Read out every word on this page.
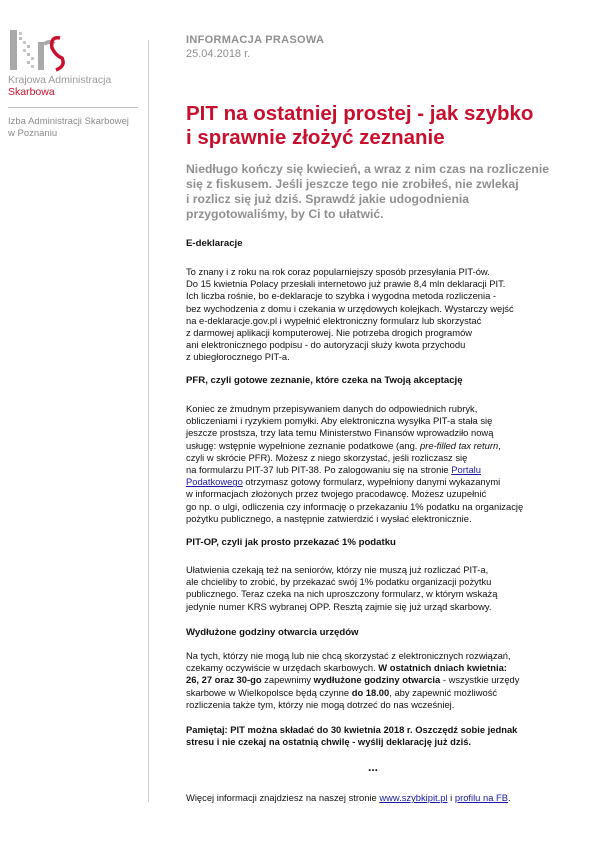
Krajowa Administracja
Skarbowa
Izba Administracji Skarbowej
w Poznaniu
INFORMACJA PRASOWA
25.04.2018 r.
PIT na ostatniej prostej - jak szybko
i sprawnie złożyć zeznanie
Niedługo kończy się kwiecień, a wraz z nim czas na rozliczenie
się z fiskusem. Jeśli jeszcze tego nie zrobiłeś, nie zwlekaj
i rozlicz się już dziś. Sprawdź jakie udogodnienia
przygotowaliśmy, by Ci to ułatwić.
E-deklaracje
To znany i z roku na rok coraz popularniejszy sposób przesyłania PIT-ów.
Do 15 kwietnia Polacy przesłali internetowo już prawie 8,4 mln deklaracji PIT.
Ich liczba rośnie, bo e-deklaracje to szybka i wygodna metoda rozliczenia -
bez wychodzenia z domu i czekania w urzędowych kolejkach. Wystarczy wejść
na e-deklaracje.gov.pl i wypełnić elektroniczny formularz lub skorzystać
z darmowej aplikacji komputerowej. Nie potrzeba drogich programów
ani elektronicznego podpisu - do autoryzacji służy kwota przychodu
z ubiegłorocznego PIT-a.
PFR, czyli gotowe zeznanie, które czeka na Twoją akceptację
Koniec ze żmudnym przepisywaniem danych do odpowiednich rubryk,
obliczeniami i ryzykiem pomyłki. Aby elektroniczna wysyłka PIT-a stała się
jeszcze prostsza, trzy lata temu Ministerstwo Finansów wprowadziło nową
usługę: wstępnie wypełnione zeznanie podatkowe (ang. pre-filled tax return,
czyli w skrócie PFR). Możesz z niego skorzystać, jeśli rozliczasz się
na formularzu PIT-37 lub PIT-38. Po zalogowaniu się na stronie Portalu
Podatkowego otrzymasz gotowy formularz, wypełniony danymi wykazanymi
w informacjach złożonych przez twojego pracodawcę. Możesz uzupełnić
go np. o ulgi, odliczenia czy informację o przekazaniu 1% podatku na organizację
pożytku publicznego, a następnie zatwierdzić i wysłać elektronicznie.
PIT-OP, czyli jak prosto przekazać 1% podatku
Ułatwienia czekają też na seniorów, którzy nie muszą już rozliczać PIT-a,
ale chcieliby to zrobić, by przekazać swój 1% podatku organizacji pożytku
publicznego. Teraz czeka na nich uproszczony formularz, w którym wskażą
jedynie numer KRS wybranej OPP. Resztą zajmie się już urząd skarbowy.
Wydłużone godziny otwarcia urzędów
Na tych, którzy nie mogą lub nie chcą skorzystać z elektronicznych rozwiązań,
czekamy oczywiście w urzędach skarbowych. W ostatnich dniach kwietnia:
26, 27 oraz 30-go zapewnimy wydłużone godziny otwarcia - wszystkie urzędy
skarbowe w Wielkopolsce będą czynne do 18.00, aby zapewnić możliwość
rozliczenia także tym, którzy nie mogą dotrzeć do nas wcześniej.
Pamiętaj: PIT można składać do 30 kwietnia 2018 r. Oszczędź sobie jednak
stresu i nie czekaj na ostatnią chwilę - wyślij deklarację już dziś.
...
Więcej informacji znajdziesz na naszej stronie www.szybkipit.pl i profilu na FB.
